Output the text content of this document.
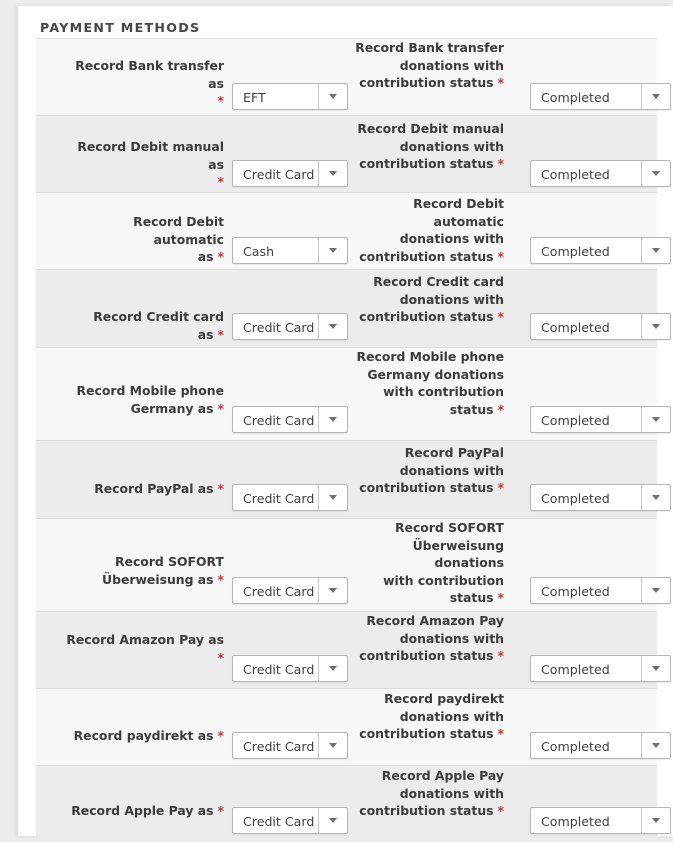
PAYMENT METHODS
Record Bank transfer as
* EFT
Record Bank transfer
donations with
contribution status *
Completed
Record Debit manual as
* Credit Card
Record Debit manual
donations with
contribution status *
Completed
Record Debit automatic
as * Cash
Record Debit automatic
donations with
contribution status *	Completed
Record Credit card as * Credit Card
Record Credit card
donations with
contribution status *
Completed
Record Mobile phone
Germany as *
Credit Card
Record Mobile phone
Germany donations
with contribution
status *
Completed
Record PayPal as *
Credit Card
Record PayPal
donations with
contribution status *
Completed
Record SOFORT
Überweisung as *
Credit Card
Record SOFORT
Überweisung donations
with contribution
status *	Completed
Record Amazon Pay as
*
Credit Card
Record Amazon Pay
donations with
contribution status *
Completed
Record paydirekt as *
Credit Card
Record paydirekt
donations with
contribution status *
Completed
Record Apple Pay as *
Credit Card
Record Apple Pay
donations with
contribution status *
Completed
